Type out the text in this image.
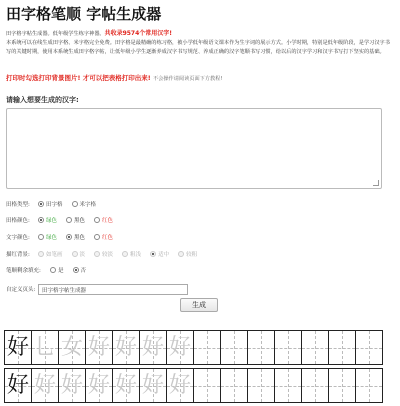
田字格笔顺 字帖生成器
田字格字帖生成器。低年级学生练字神器。共收录9574个常用汉字!
本系统可以在线生成田字格、米字格完全免费。田字格是最精确的练习格，被小学低年级语文课本作为生字词的展示方式。小学时期，特别是低年级阶段，是学习汉字书写的关键时期，使用本系统生成田字格字帖，让低年级小学生逐渐养成汉字书写规范、养成正确的汉字笔顺书写习惯，给以后的汉字学习和汉字书写打下坚实的基础。
打印时勾选打印背景图片! 才可以把表格打印出来! 不会操作请阅读页面下方教程!
请输入想要生成的汉字:
田格类型:	田字格	米字格
田格颜色:	绿色	黑色	红色
文字颜色:	绿色	黑色	红色
描红背景:	如笔画	淡	较淡	粗浅	适中	较粗
笔顺剩余填充:	是	否
自定义页头:	田字格字帖生成器
生成
好 乚 女 好 好 好 好
好 好 好 好 好 好 好
